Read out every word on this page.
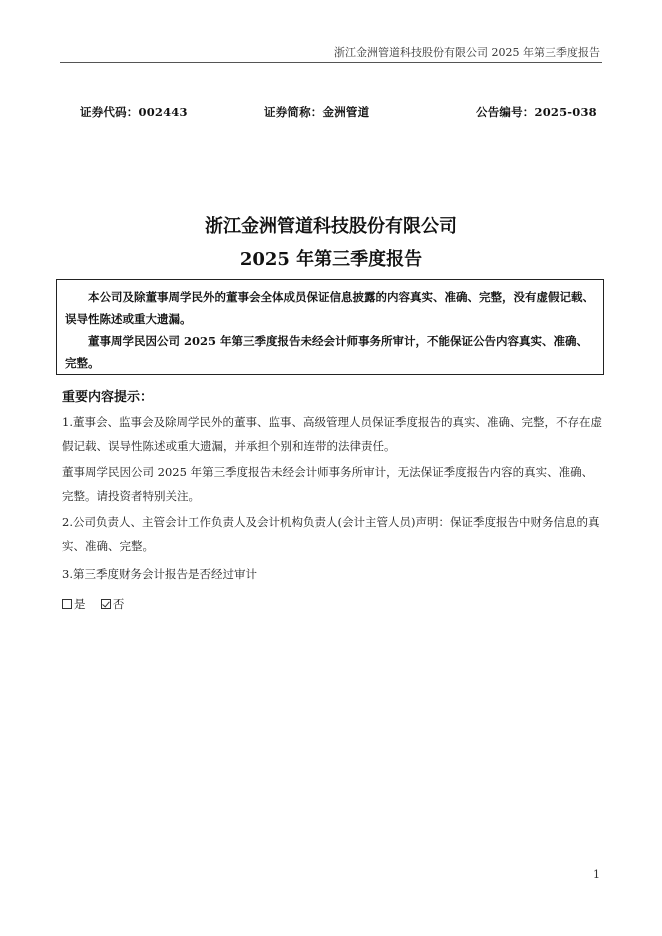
浙江金洲管道科技股份有限公司 2025 年第三季度报告
证券代码：002443	证券简称：金洲管道	公告编号：2025-038
浙江金洲管道科技股份有限公司
2025 年第三季度报告

本公司及除董事周学民外的董事会全体成员保证信息披露的内容真实、准确、完整，没有虚假记载、误导性陈述或重大遗漏。

董事周学民因公司 2025 年第三季度报告未经会计师事务所审计，不能保证公告内容真实、准确、完整。

重要内容提示：

1.董事会、监事会及除周学民外的董事、监事、高级管理人员保证季度报告的真实、准确、完整，不存在虚假记载、误导性陈述或重大遗漏，并承担个别和连带的法律责任。

董事周学民因公司 2025 年第三季度报告未经会计师事务所审计，无法保证季度报告内容的真实、准确、完整。请投资者特别关注。

2.公司负责人、主管会计工作负责人及会计机构负责人(会计主管人员)声明：保证季度报告中财务信息的真实、准确、完整。

3.第三季度财务会计报告是否经过审计

是 否
1
